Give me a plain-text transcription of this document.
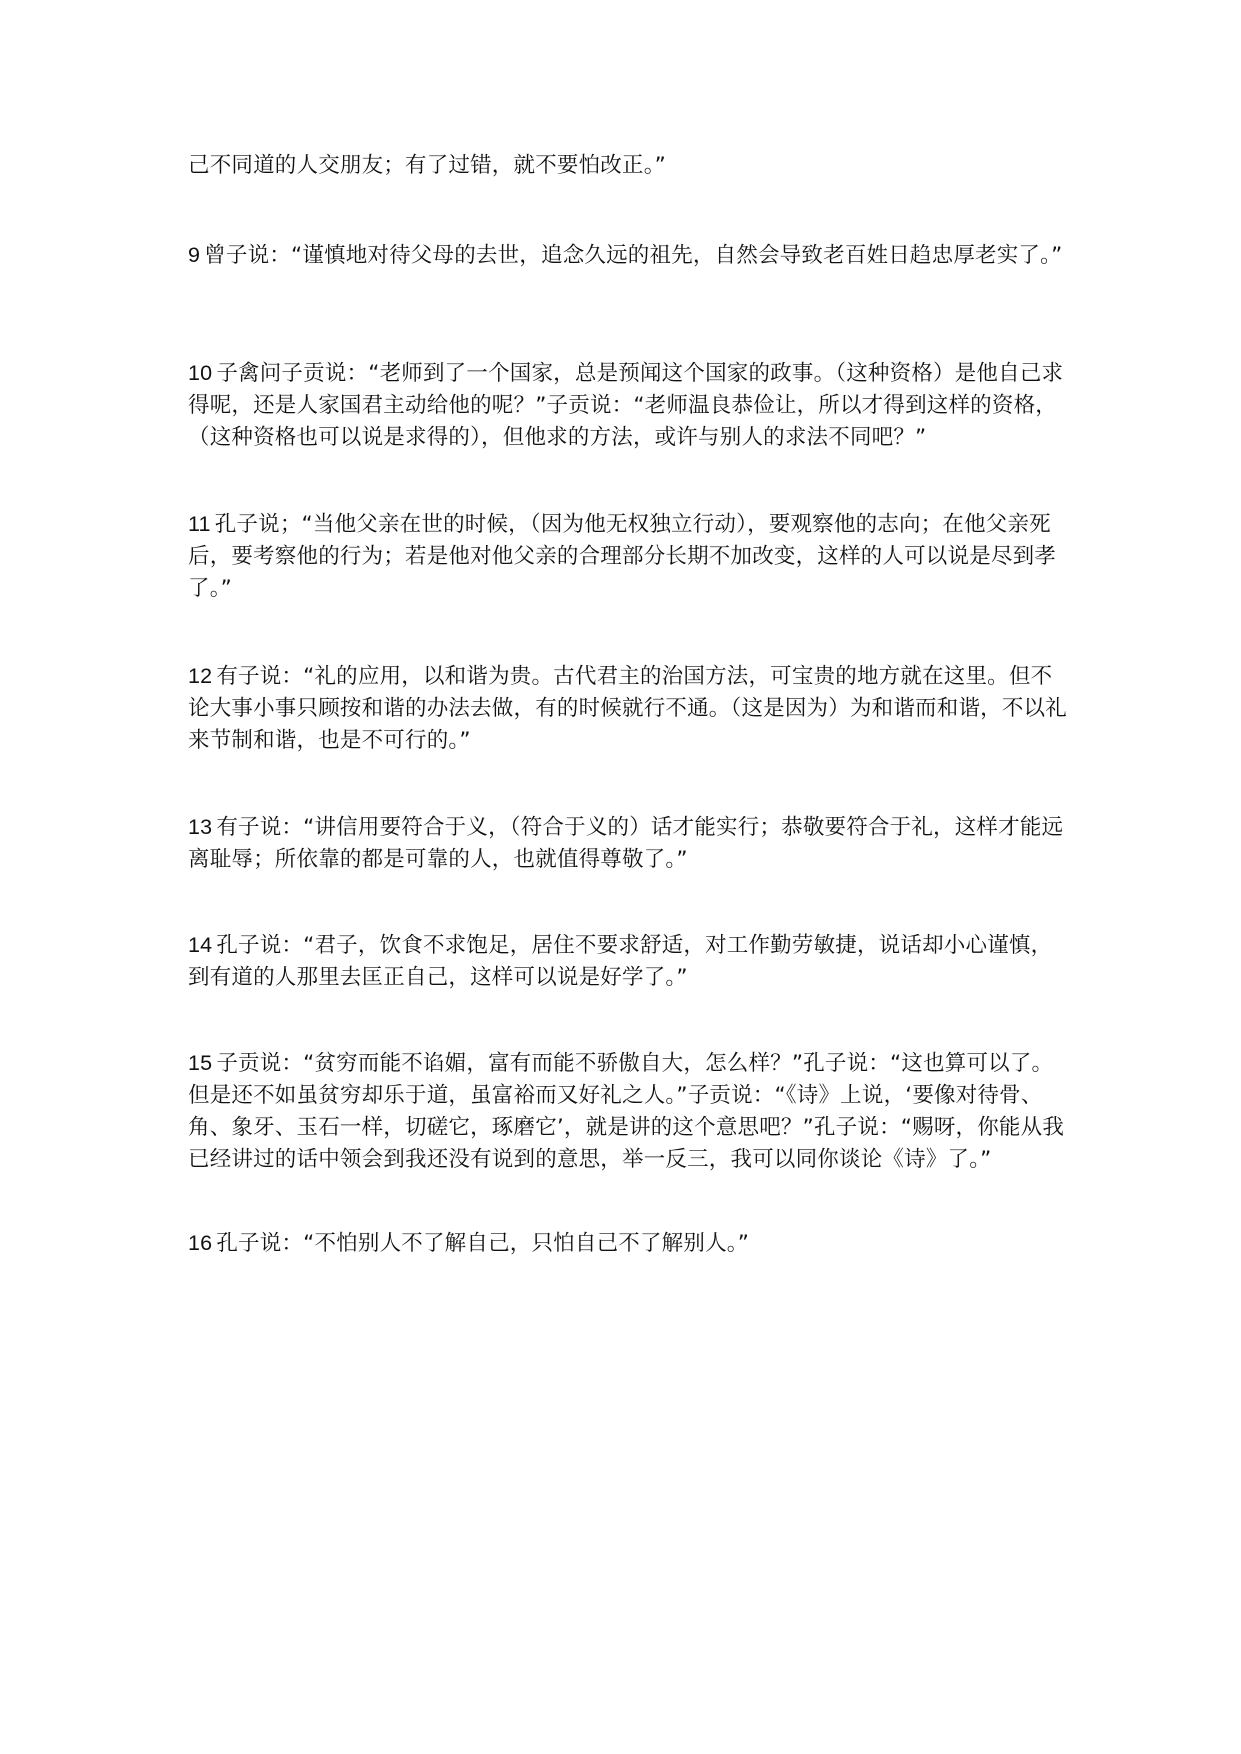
己不同道的人交朋友；有了过错，就不要怕改正。”

9 曾子说：“谨慎地对待父母的去世，追念久远的祖先，自然会导致老百姓日趋忠厚老实了。”

10 子禽问子贡说：“老师到了一个国家，总是预闻这个国家的政事。（这种资格）是他自己求得呢，还是人家国君主动给他的呢？”子贡说：“老师温良恭俭让，所以才得到这样的资格，（这种资格也可以说是求得的），但他求的方法，或许与别人的求法不同吧？”

11 孔子说；“当他父亲在世的时候，（因为他无权独立行动），要观察他的志向；在他父亲死后，要考察他的行为；若是他对他父亲的合理部分长期不加改变，这样的人可以说是尽到孝了。”

12 有子说：“礼的应用，以和谐为贵。古代君主的治国方法，可宝贵的地方就在这里。但不论大事小事只顾按和谐的办法去做，有的时候就行不通。（这是因为）为和谐而和谐，不以礼来节制和谐，也是不可行的。”

13 有子说：“讲信用要符合于义，（符合于义的）话才能实行；恭敬要符合于礼，这样才能远离耻辱；所依靠的都是可靠的人，也就值得尊敬了。”

14 孔子说：“君子，饮食不求饱足，居住不要求舒适，对工作勤劳敏捷，说话却小心谨慎，到有道的人那里去匡正自己，这样可以说是好学了。”

15 子贡说：“贫穷而能不谄媚，富有而能不骄傲自大，怎么样？”孔子说：“这也算可以了。但是还不如虽贫穷却乐于道，虽富裕而又好礼之人。”子贡说：“《诗》上说，‘要像对待骨、角、象牙、玉石一样，切磋它，琢磨它’，就是讲的这个意思吧？”孔子说：“赐呀，你能从我已经讲过的话中领会到我还没有说到的意思，举一反三，我可以同你谈论《诗》了。”

16 孔子说：“不怕别人不了解自己，只怕自己不了解别人。”
